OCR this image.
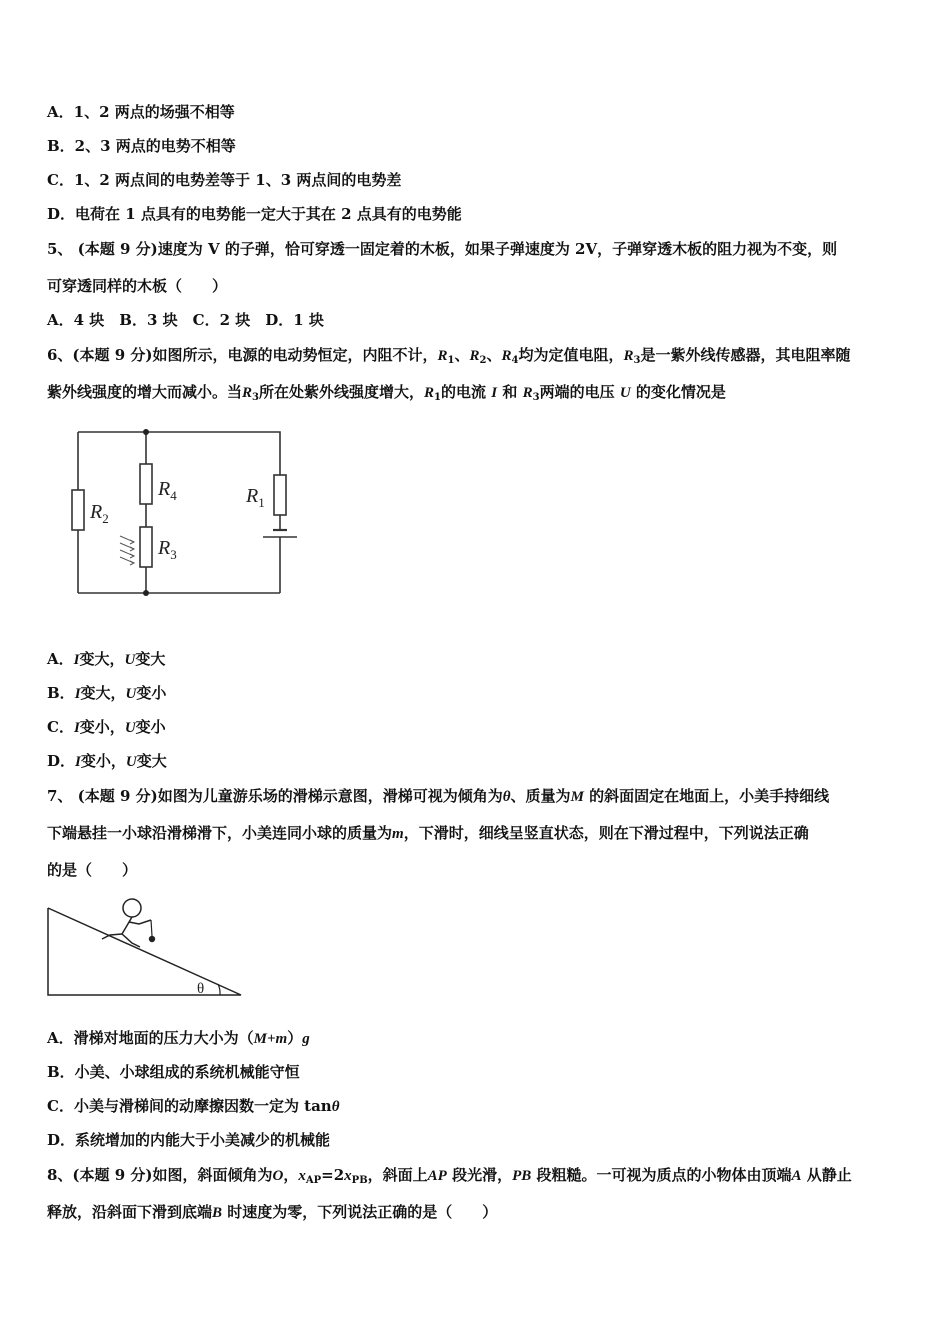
A．1、2 两点的场强不相等
B．2、3 两点的电势不相等
C．1、2 两点间的电势差等于 1、3 两点间的电势差
D．电荷在 1 点具有的电势能一定大于其在 2 点具有的电势能
5、 (本题 9 分)速度为 V 的子弹，恰可穿透一固定着的木板，如果子弹速度为 2V，子弹穿透木板的阻力视为不变，则
可穿透同样的木板（　　）
A．4 块　B．3 块　C．2 块　D．1 块
6、(本题 9 分)如图所示，电源的电动势恒定，内阻不计，$R_1$、$R_2$、$R_4$均为定值电阻，$R_3$是一紫外线传感器，其电阻率随
紫外线强度的增大而减小。当$R_3$所在处紫外线强度增大，$R_1$的电流 I 和 $R_3$两端的电压 U 的变化情况是
$R_2$
$R_4$
$R_3$
$R_1$
A．I变大，U变大
B．I变大，U变小
C．I变小，U变小
D．I变小，U变大
7、 (本题 9 分)如图为儿童游乐场的滑梯示意图，滑梯可视为倾角为θ、质量为M 的斜面固定在地面上，小美手持细线
下端悬挂一小球沿滑梯滑下，小美连同小球的质量为m，下滑时，细线呈竖直状态，则在下滑过程中，下列说法正确
的是（　　）
θ
A．滑梯对地面的压力大小为（M+m）g
B．小美、小球组成的系统机械能守恒
C．小美与滑梯间的动摩擦因数一定为 tanθ
D．系统增加的内能大于小美减少的机械能
8、(本题 9 分)如图，斜面倾角为O，$x_{AP}=2x_{PB}$，斜面上AP 段光滑，PB 段粗糙。一可视为质点的小物体由顶端A 从静止
释放，沿斜面下滑到底端B 时速度为零，下列说法正确的是（　　）
